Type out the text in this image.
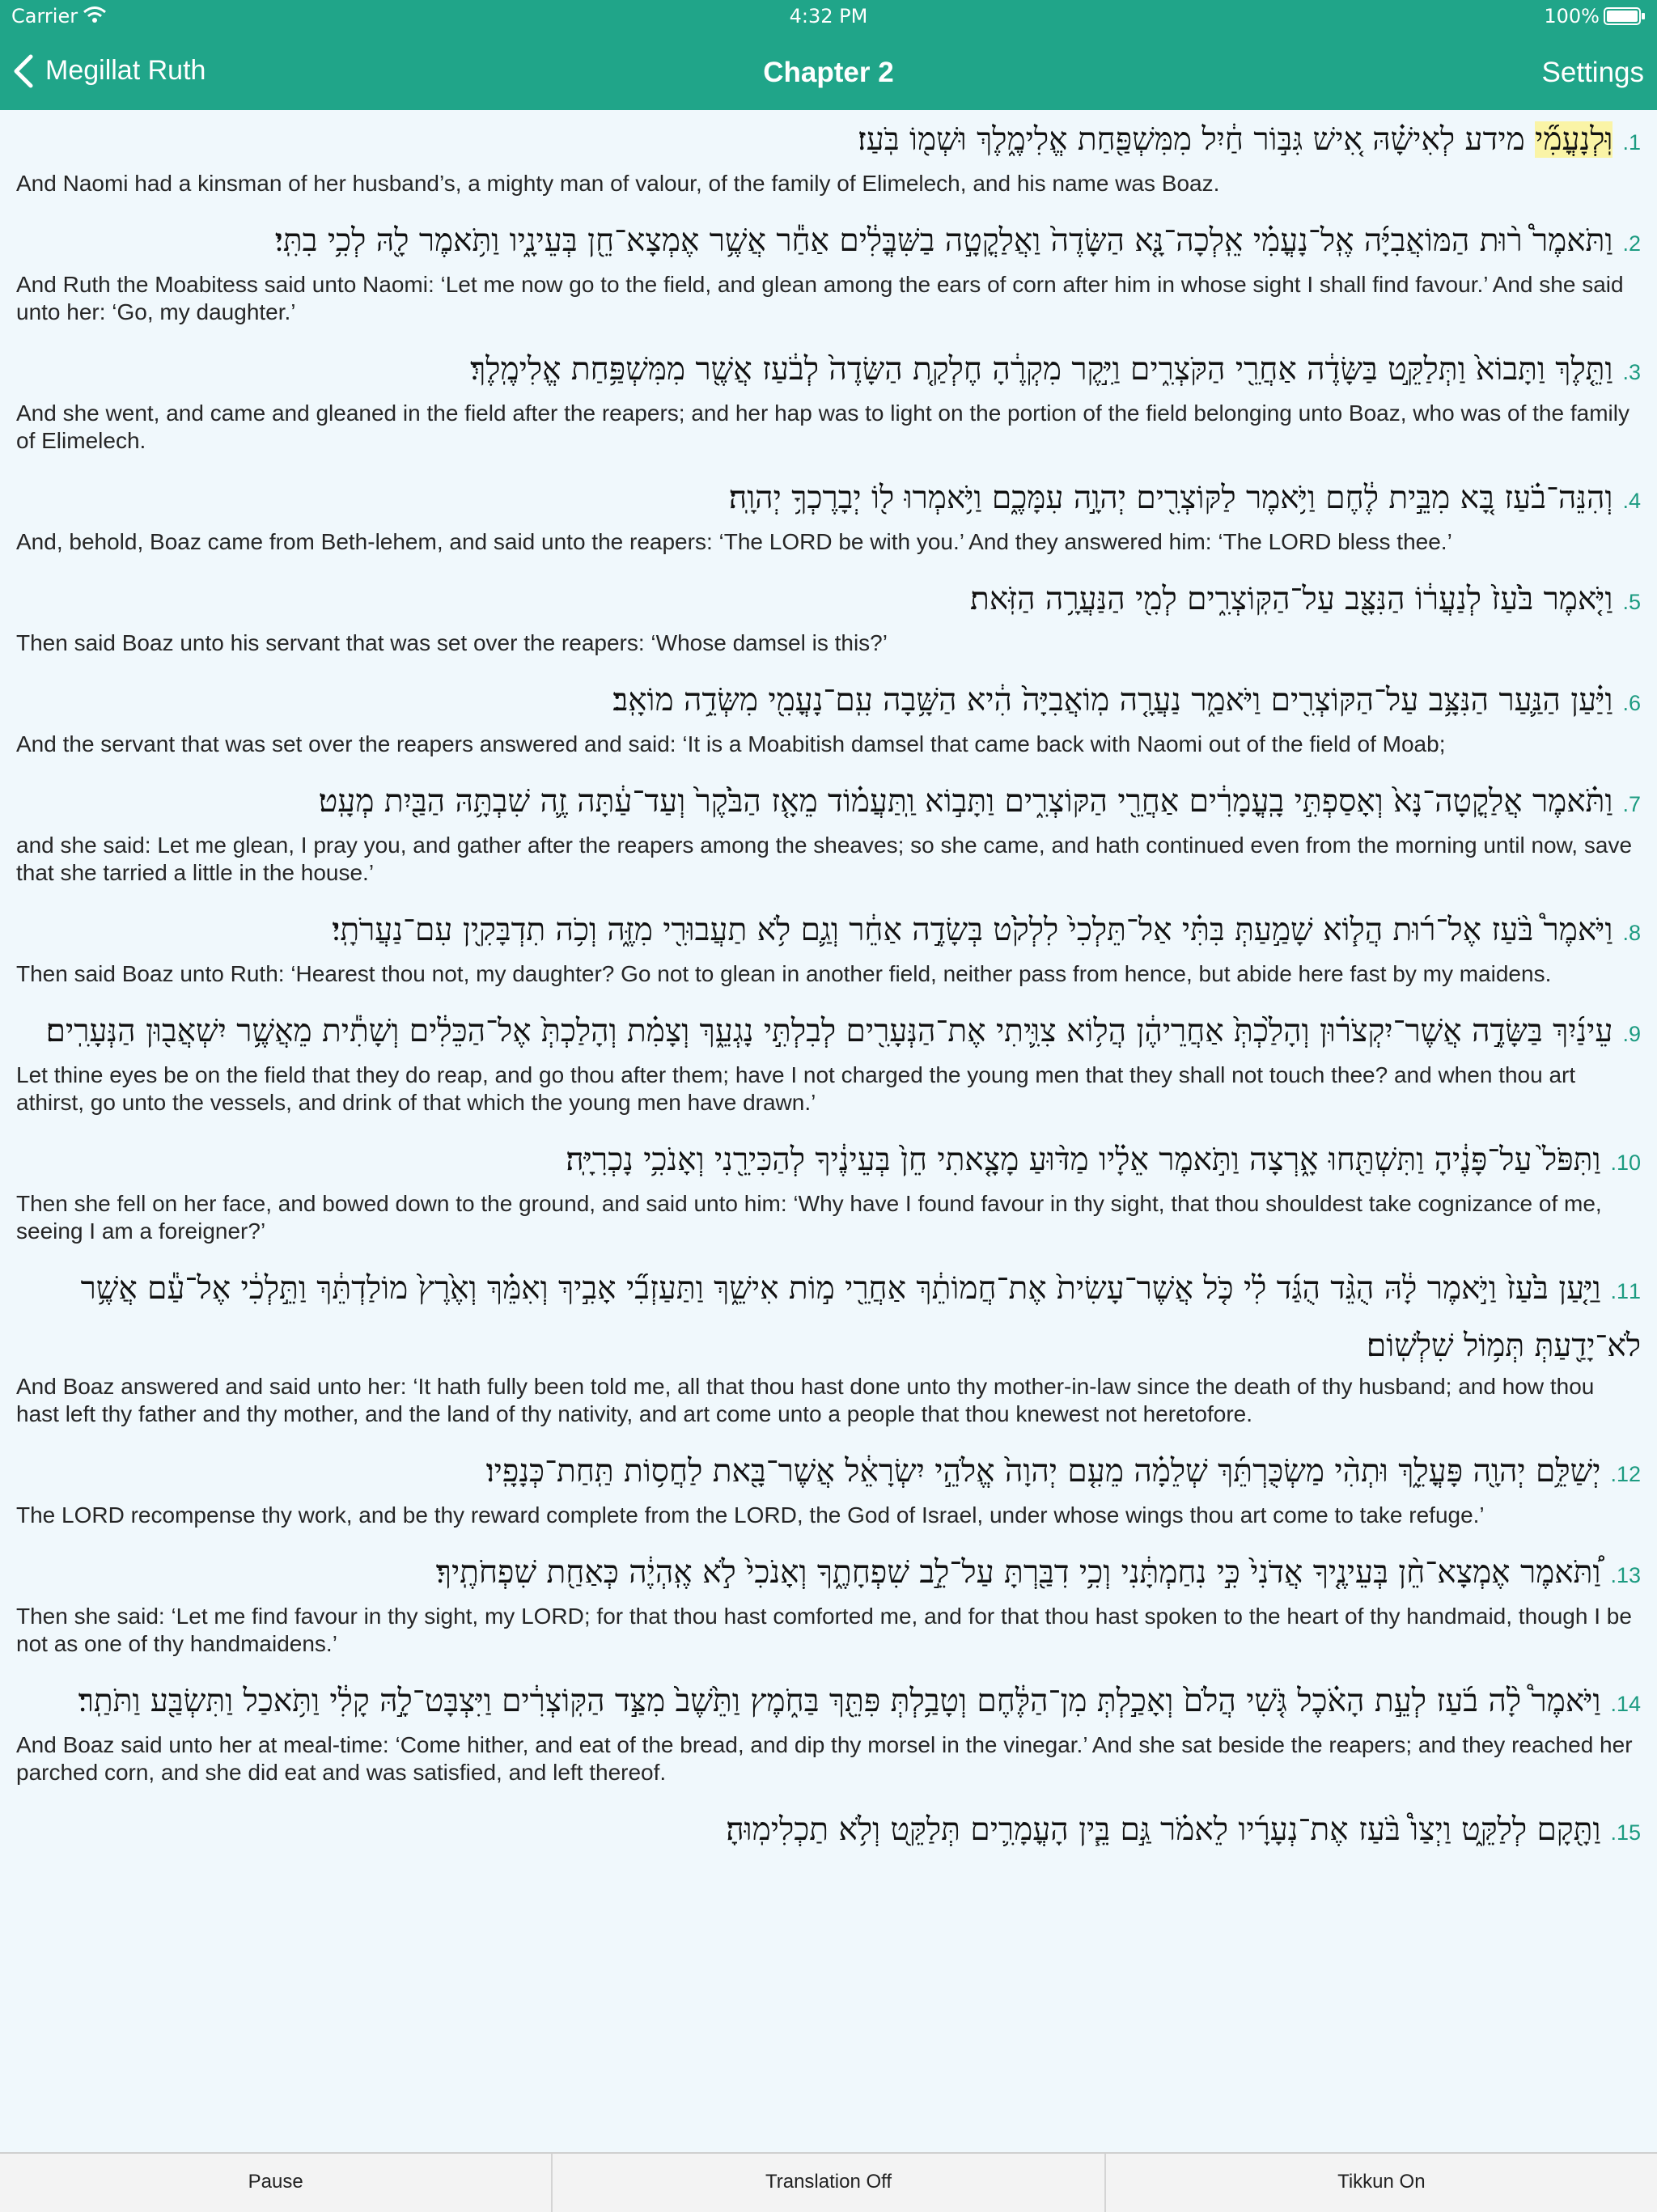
Carrier	4:32 PM	100%
Megillat Ruth	Chapter 2	Settings

1.וּֽלְנָעֳמִ֞י מידע לְאִישָׁ֗הּ אִ֚ישׁ גִּבּ֣וֹר חַ֔יִל מִמִּשְׁפַּ֖חַת אֱלִימֶ֑לֶךְ וּשְׁמ֖וֹ בֹּֽעַז׃

And Naomi had a kinsman of her husband’s, a mighty man of valour, of the family of Elimelech, and his name was Boaz.

2.וַתֹּאמֶר֩ ר֨וּת הַמּוֹאֲבִיָּ֜ה אֶֽל־נָעֳמִ֗י אֵֽלְכָה־נָּ֤א הַשָּׂדֶה֙ וַאֲלַקֳטָ֣ה בַשִּׁבֳּלִ֔ים אַחַ֕ר אֲשֶׁ֥ר אֶמְצָא־חֵ֖ן בְּעֵינָ֑יו וַתֹּ֥אמֶר לָ֖הּ לְכִ֥י בִתִּֽי׃

And Ruth the Moabitess said unto Naomi: ‘Let me now go to the field, and glean among the ears of corn after him in whose sight I shall find favour.’ And she said unto her: ‘Go, my daughter.’

3.וַתֵּ֤לֶךְ וַתָּבוֹא֙ וַתְּלַקֵּ֣ט בַּשָּׂדֶ֔ה אַחֲרֵ֖י הַקֹּצְרִ֑ים וַיִּ֣קֶר מִקְרֶ֔הָ חֶלְקַ֤ת הַשָּׂדֶה֙ לְבֹ֔עַז אֲשֶׁ֖ר מִמִּשְׁפַּ֥חַת אֱלִימֶֽלֶךְ׃

And she went, and came and gleaned in the field after the reapers; and her hap was to light on the portion of the field belonging unto Boaz, who was of the family of Elimelech.

4.וְהִנֵּה־בֹ֗עַז בָּ֚א מִבֵּ֣ית לֶ֔חֶם וַיֹּ֥אמֶר לַקּוֹצְרִ֖ים יְהוָ֣ה עִמָּכֶ֑ם וַיֹּ֥אמְרוּ ל֖וֹ יְבָרֶכְךָ֥ יְהוָֽה׃

And, behold, Boaz came from Beth-lehem, and said unto the reapers: ‘The LORD be with you.’ And they answered him: ‘The LORD bless thee.’

5.וַיֹּ֤אמֶר בֹּ֙עַז֙ לְנַעֲר֔וֹ הַנִּצָּ֖ב עַל־הַקּֽוֹצְרִ֑ים לְמִ֖י הַנַּעֲרָ֥ה הַזֹּֽאת׃

Then said Boaz unto his servant that was set over the reapers: ‘Whose damsel is this?’

6.וַיַּ֗עַן הַנַּ֛עַר הַנִּצָּ֥ב עַל־הַקּוֹצְרִ֖ים וַיֹּאמַ֑ר נַעֲרָ֤ה מֽוֹאֲבִיָּה֙ הִ֔יא הַשָּׁ֥בָה עִֽם־נָעֳמִ֖י מִשְּׂדֵ֥ה מוֹאָֽב׃

And the servant that was set over the reapers answered and said: ‘It is a Moabitish damsel that came back with Naomi out of the field of Moab;

7.וַתֹּ֗אמֶר אֲלַקֳטָה־נָּא֙ וְאָסַפְתִּ֣י בָֽעֳמָרִ֔ים אַחֲרֵ֖י הַקּוֹצְרִ֑ים וַתָּב֣וֹא וַֽתַּעֲמ֗וֹד מֵאָ֤ז הַבֹּ֙קֶר֙ וְעַד־עַ֔תָּה זֶ֛ה שִׁבְתָּ֥הּ הַבַּ֖יִת מְעָֽט׃

and she said: Let me glean, I pray you, and gather after the reapers among the sheaves; so she came, and hath continued even from the morning until now, save that she tarried a little in the house.’

8.וַיֹּאמֶר֩ בֹּ֨עַז אֶל־ר֜וּת הֲל֧וֹא שָׁמַ֣עַתְּ בִּתִּ֗י אַל־תֵּלְכִי֙ לִלְקֹ֙ט בְּשָׂדֶ֣ה אַחֵ֔ר וְגַ֛ם לֹ֥א תַעֲבוּרִ֖י מִזֶּ֑ה וְכֹ֥ה תִדְבָּקִ֖ין עִם־נַעֲרֹתָֽי׃

Then said Boaz unto Ruth: ‘Hearest thou not, my daughter? Go not to glean in another field, neither pass from hence, but abide here fast by my maidens.

9.עֵינַ֜יִךְ בַּשָּׂדֶ֣ה אֲשֶׁר־יִקְצֹר֗וּן וְהָלַ֙כְתְּ֙ אַחֲרֵיהֶ֔ן הֲל֥וֹא צִוִּ֛יתִי אֶת־הַנְּעָרִ֖ים לְבִלְתִּ֣י נָגְעֵ֑ךְ וְצָמִ֗ת וְהָלַכְתְּ֙ אֶל־הַכֵּלִ֔ים וְשָׁתִ֕ית מֵאֲשֶׁ֥ר יִשְׁאֲב֖וּן הַנְּעָרִֽים׃

Let thine eyes be on the field that they do reap, and go thou after them; have I not charged the young men that they shall not touch thee? and when thou art athirst, go unto the vessels, and drink of that which the young men have drawn.’

10.וַתִּפֹּל֙ עַל־פָּנֶ֔יהָ וַתִּשְׁתַּ֖חוּ אָ֑רְצָה וַתֹּ֣אמֶר אֵלָ֗יו מַדּ֨וּעַ מָצָ֤אתִי חֵן֙ בְּעֵינֶ֔יךָ לְהַכִּירֵ֖נִי וְאָנֹכִ֥י נָכְרִיָּֽה׃

Then she fell on her face, and bowed down to the ground, and said unto him: ‘Why have I found favour in thy sight, that thou shouldest take cognizance of me, seeing I am a foreigner?’

11.וַיַּ֤עַן בֹּ֙עַז֙ וַיֹּ֣אמֶר לָ֔הּ הֻגֵּ֨ד הֻגַּ֜ד לִ֗י כֹּ֤ל אֲשֶׁר־עָשִׂית֙ אֶת־חֲמוֹתֵ֔ךְ אַחֲרֵ֖י מ֣וֹת אִישֵׁ֑ךְ וַתַּעַזְבִ֞י אָבִ֣יךְ וְאִמֵּ֗ךְ וְאֶ֙רֶץ֙ מוֹלַדְתֵּ֔ךְ וַתֵּ֣לְכִ֔י אֶל־עַ֕ם אֲשֶׁ֥ר לֹא־יָדַ֖עַתְּ תְּמ֥וֹל שִׁלְשֽׁוֹם׃

And Boaz answered and said unto her: ‘It hath fully been told me, all that thou hast done unto thy mother-in-law since the death of thy husband; and how thou hast left thy father and thy mother, and the land of thy nativity, and art come unto a people that thou knewest not heretofore.

12.יְשַׁלֵּ֥ם יְהוָ֖ה פָּעֳלֵ֑ךְ וּתְהִ֨י מַשְׂכֻּרְתֵּ֜ךְ שְׁלֵמָ֗ה מֵעִ֤ם יְהוָה֙ אֱלֹהֵ֣י יִשְׂרָאֵ֔ל אֲשֶׁר־בָּ֖את לַחֲס֥וֹת תַּֽחַת־כְּנָפָֽיו׃

The LORD recompense thy work, and be thy reward complete from the LORD, the God of Israel, under whose wings thou art come to take refuge.’

13.וַ֠תֹּאמֶר אֶמְצָא־חֵ֨ן בְּעֵינֶ֤יךָ אֲדֹנִי֙ כִּ֣י נִחַמְתָּ֔נִי וְכִ֥י דִבַּ֖רְתָּ עַל־לֵ֣ב שִׁפְחָתֶ֑ךָ וְאָנֹכִי֙ לֹ֣א אֶֽהְיֶ֔ה כְּאַחַ֖ת שִׁפְחֹתֶֽיךָ׃

Then she said: ‘Let me find favour in thy sight, my LORD; for that thou hast comforted me, and for that thou hast spoken to the heart of thy handmaid, though I be not as one of thy handmaidens.’

14.וַיֹּאמֶר֩ לָ֨ה בֹ֜עַז לְעֵ֣ת הָאֹ֗כֶל גֹּ֤שִׁי הֲלֹם֙ וְאָכַ֣לְתְּ מִן־הַלֶּ֔חֶם וְטָבַ֥לְתְּ פִּתֵּ֖ךְ בַּחֹ֑מֶץ וַתֵּ֙שֶׁב֙ מִצַּ֣ד הַקּֽוֹצְרִ֔ים וַיִּצְבָּט־לָ֣הּ קָלִ֔י וַתֹּ֥אכַל וַתִּשְׂבַּ֖ע וַתֹּתַֽר׃

And Boaz said unto her at meal-time: ‘Come hither, and eat of the bread, and dip thy morsel in the vinegar.’ And she sat beside the reapers; and they reached her parched corn, and she did eat and was satisfied, and left thereof.

15.וַתָּ֖קָם לְלַקֵּ֑ט וַיְצַו֩ בֹּ֨עַז אֶת־נְעָרָ֜יו לֵאמֹ֗ר גַּ֣ם בֵּ֧ין הָעֳמָרִ֛ים תְּלַקֵּ֖ט וְלֹ֥א תַכְלִימֽוּהָ׃

Pause	Translation Off	Tikkun On
